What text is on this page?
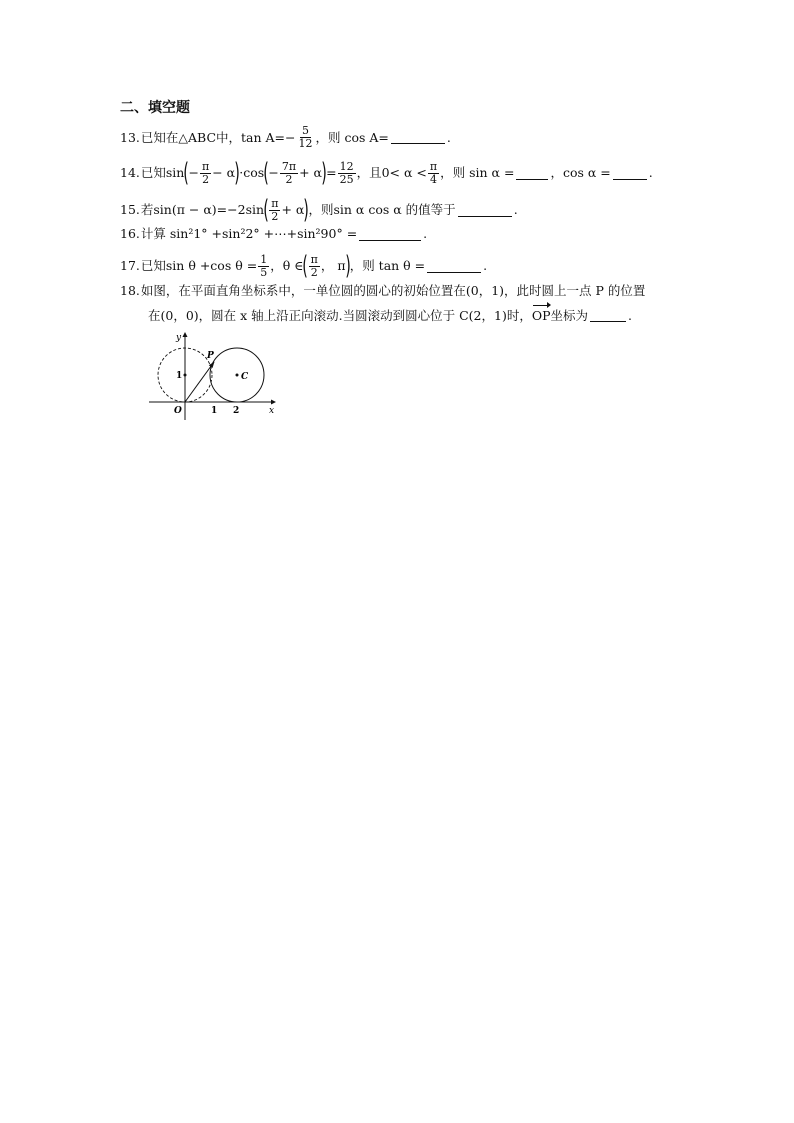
二、填空题
13. 已知在△ABC中，$\tan A=- \frac{5}{12}$ ，则 cos A=	.
14. 已知sin ( − $\frac{\pi}{2} - \alpha$ ) ·cos ( − $\frac{7\pi}{2} + \alpha$ ) = $\frac{12}{25}$ ，且$0< \alpha < \frac{\pi}{4}$ ，则 sin α =	，cos α =	.
15. 若sin(π − α)=−2sin ( $\frac{\pi}{2} + \alpha$ ) ，则sin α cos α 的值等于	.
16. 计算 sin²1° +sin²2° +⋯+sin²90° =	.
17. 已知sin θ +cos $\theta = \frac{1}{5}$ ，θ ∈ ( $\frac{\pi}{2}$ ， π ) ，则 tan θ =	.
18. 如图，在平面直角坐标系中，一单位圆的圆心的初始位置在(0，1)，此时圆上一点 P 的位置
在(0，0)，圆在 x 轴上沿正向滚动.当圆滚动到圆心位于 C(2，1)时， OP 坐标为	.
y
x
O	1 2
1
P
C
